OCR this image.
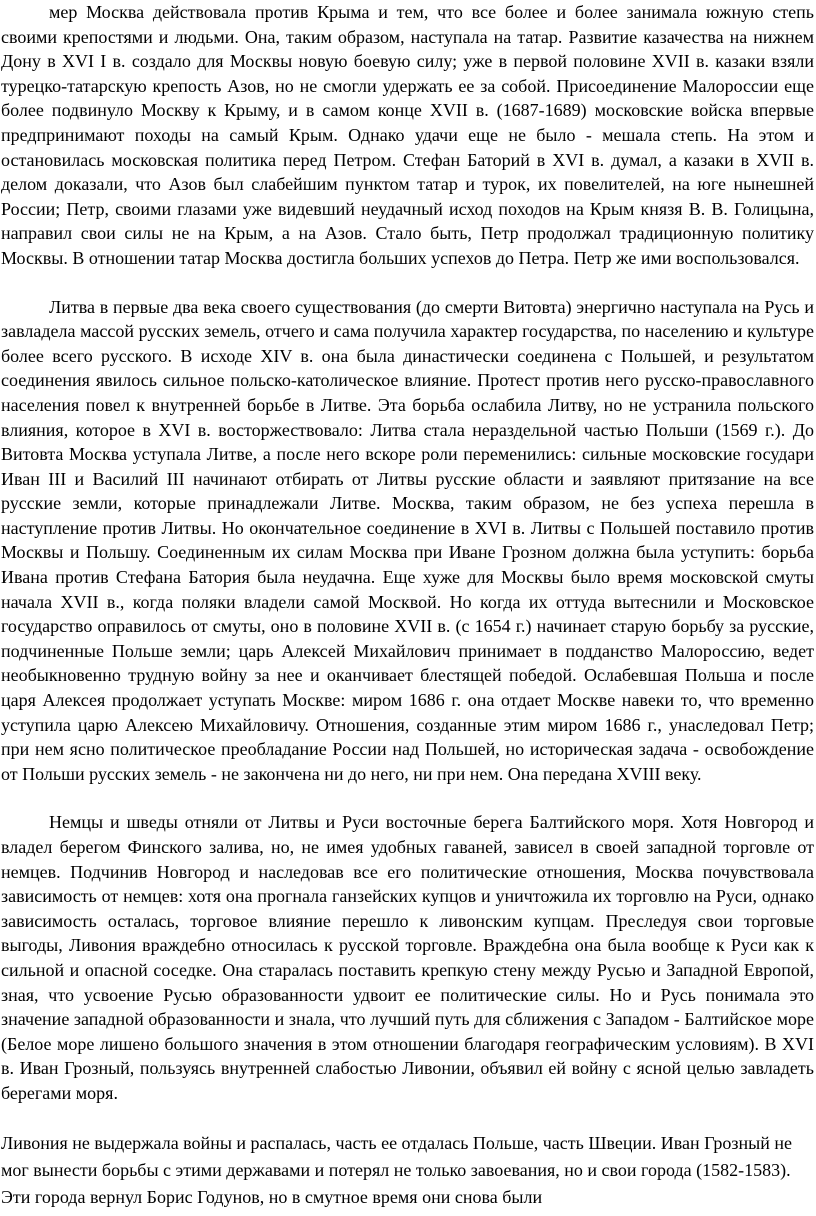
мер Москва действовала против Крыма и тем, что все более и более занимала южную степь своими крепостями и людьми. Она, таким образом, наступала на татар. Развитие казачества на нижнем Дону в XVI I в. создало для Москвы новую боевую силу; уже в первой половине XVII в. казаки взяли турецко-татарскую крепость Азов, но не смогли удержать ее за собой. Присоединение Малороссии еще более подвинуло Москву к Крыму, и в самом конце XVII в. (1687-1689) московские войска впервые предпринимают походы на самый Крым. Однако удачи еще не было - мешала степь. На этом и остановилась московская политика перед Петром. Стефан Баторий в XVI в. думал, а казаки в XVII в. делом доказали, что Азов был слабейшим пунктом татар и турок, их повелителей, на юге нынешней России; Петр, своими глазами уже видевший неудачный исход походов на Крым князя В. В. Голицына, направил свои силы не на Крым, а на Азов. Стало быть, Петр продолжал традиционную политику Москвы. В отношении татар Москва достигла больших успехов до Петра. Петр же ими воспользовался.

Литва в первые два века своего существования (до смерти Витовта) энергично наступала на Русь и завладела массой русских земель, отчего и сама получила характер государства, по населению и культуре более всего русского. В исходе XIV в. она была династически соединена с Польшей, и результатом соединения явилось сильное польско-католическое влияние. Протест против него русско-православного населения повел к внутренней борьбе в Литве. Эта борьба ослабила Литву, но не устранила польского влияния, которое в XVI в. восторжествовало: Литва стала нераздельной частью Польши (1569 г.). До Витовта Москва уступала Литве, а после него вскоре роли переменились: сильные московские государи Иван III и Василий III начинают отбирать от Литвы русские области и заявляют притязание на все русские земли, которые принадлежали Литве. Москва, таким образом, не без успеха перешла в наступление против Литвы. Но окончательное соединение в XVI в. Литвы с Польшей поставило против Москвы и Польшу. Соединенным их силам Москва при Иване Грозном должна была уступить: борьба Ивана против Стефана Батория была неудачна. Еще хуже для Москвы было время московской смуты начала XVII в., когда поляки владели самой Москвой. Но когда их оттуда вытеснили и Московское государство оправилось от смуты, оно в половине XVII в. (с 1654 г.) начинает старую борьбу за русские, подчиненные Польше земли; царь Алексей Михайлович принимает в подданство Малороссию, ведет необыкновенно трудную войну за нее и оканчивает блестящей победой. Ослабевшая Польша и после царя Алексея продолжает уступать Москве: миром 1686 г. она отдает Москве навеки то, что временно уступила царю Алексею Михайловичу. Отношения, созданные этим миром 1686 г., унаследовал Петр; при нем ясно политическое преобладание России над Польшей, но историческая задача - освобождение от Польши русских земель - не закончена ни до него, ни при нем. Она передана XVIII веку.

Немцы и шведы отняли от Литвы и Руси восточные берега Балтийского моря. Хотя Новгород и владел берегом Финского залива, но, не имея удобных гаваней, зависел в своей западной торговле от немцев. Подчинив Новгород и наследовав все его политические отношения, Москва почувствовала зависимость от немцев: хотя она прогнала ганзейских купцов и уничтожила их торговлю на Руси, однако зависимость осталась, торговое влияние перешло к ливонским купцам. Преследуя свои торговые выгоды, Ливония враждебно относилась к русской торговле. Враждебна она была вообще к Руси как к сильной и опасной соседке. Она старалась поставить крепкую стену между Русью и Западной Европой, зная, что усвоение Русью образованности удвоит ее политические силы. Но и Русь понимала это значение западной образованности и знала, что лучший путь для сближения с Западом - Балтийское море (Белое море лишено большого значения в этом отношении благодаря географическим условиям). В XVI в. Иван Грозный, пользуясь внутренней слабостью Ливонии, объявил ей войну с ясной целью завладеть берегами моря.

Ливония не выдержала войны и распалась, часть ее отдалась Польше, часть Швеции. Иван Грозный не мог вынести борьбы с этими державами и потерял не только завоевания, но и свои города (1582-1583). Эти города вернул Борис Годунов, но в смутное время они снова были
